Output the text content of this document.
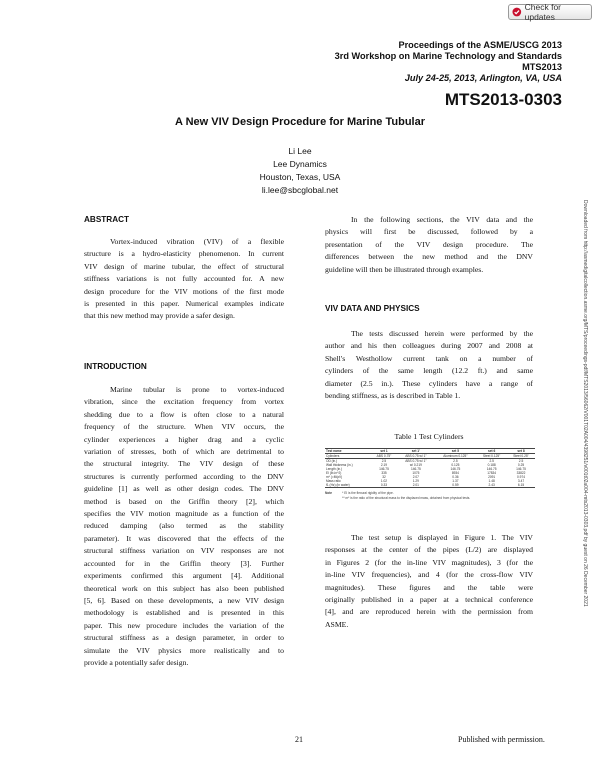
Check for updates
Proceedings of the ASME/USCG 2013
3rd Workshop on Marine Technology and Standards
MTS2013
July 24-25, 2013, Arlington, VA, USA
MTS2013-0303
A New VIV Design Procedure for Marine Tubular
Li Lee
Lee Dynamics
Houston, Texas, USA
li.lee@sbcglobal.net
Downloaded from http://asmedigitalcollection.asme.org/MTS/proceedings-pdf/MTS2013/56062/V001T02A004/4398251/v001t02a004-mts2013-0303.pdf by guest on 26 December 2021
ABSTRACT
Vortex-induced vibration (VIV) of a flexible
structure is a hydro-elasticity phenomenon. In current
VIV design of marine tubular, the effect of structural
stiffness variations is not fully accounted for. A new
design procedure for the VIV motions of the first mode
is presented in this paper. Numerical examples indicate
that this new method may provide a safer design.
INTRODUCTION
Marine tubular is prone to vortex-induced
vibration, since the excitation frequency from vortex
shedding due to a flow is often close to a natural
frequency of the structure. When VIV occurs, the
cylinder experiences a higher drag and a cyclic
variation of stresses, both of which are detrimental to
the structural integrity. The VIV design of these
structures is currently performed according to the DNV
guideline [1] as well as other design codes. The DNV
method is based on the Griffin theory [2], which
specifies the VIV motion magnitude as a function of the
reduced damping (also termed as the stability
parameter). It was discovered that the effects of the
structural stiffness variation on VIV responses are not
accounted for in the Griffin theory [3]. Further
experiments confirmed this argument [4]. Additional
theoretical work on this subject has also been published
[5, 6]. Based on these developments, a new VIV design
methodology is established and is presented in this
paper. This new procedure includes the variation of the
structural stiffness as a design parameter, in order to
simulate the VIV physics more realistically and to
provide a potentially safer design.
In the following sections, the VIV data and the
physics will first be discussed, followed by a
presentation of the VIV design procedure. The
differences between the new method and the DNV
guideline will then be illustrated through examples.
VIV DATA AND PHYSICS
The tests discussed herein were performed by the
author and his then colleagues during 2007 and 2008 at
Shell's Westhollow current tank on a number of
cylinders of the same length (12.2 ft.) and same
diameter (2.5 in.). These cylinders have a range of
bending stiffness, as is described in Table 1.
Table 1 Test Cylinders
Test name	set 1	set 1’	set 5	set 6	set 8
Cylinders	ABS 0.75"	ABS 0.75 w/ 1"	Aluminum 0.125"	Steel 0.125"	Steel 0.25"
OD (in.)	2.5	ABS 0.75 w/ 1"	2.5	2.5	2.5
Wall thickness (in.)	2.19	w/ 0.219	0.125	0.188	0.25
Length (in.)	146.75	146.75	146.75	146.75	146.75
EI (lb-in^2)	335	1075	8934	17834	33822
m* (=M/ρV)	32	2.07	0.36	2091	0.974
Mass ratio	1.02	1.29	1.37	1.48	3.47
f1 (Hz) (in water)	0.33	2.01	0.59	2.43	6.15
Note	* EI is the flexural rigidity of the pipe.
** m* is the ratio of the structural mass to the displaced mass, obtained from physical tests.
The test setup is displayed in Figure 1. The VIV
responses at the center of the pipes (L/2) are displayed
in Figures 2 (for the in-line VIV magnitudes), 3 (for the
in-line VIV frequencies), and 4 (for the cross-flow VIV
magnitudes). These figures and the table were
originally published in a paper at a technical conference
[4], and are reproduced herein with the permission from
ASME.
21	Published with permission.
